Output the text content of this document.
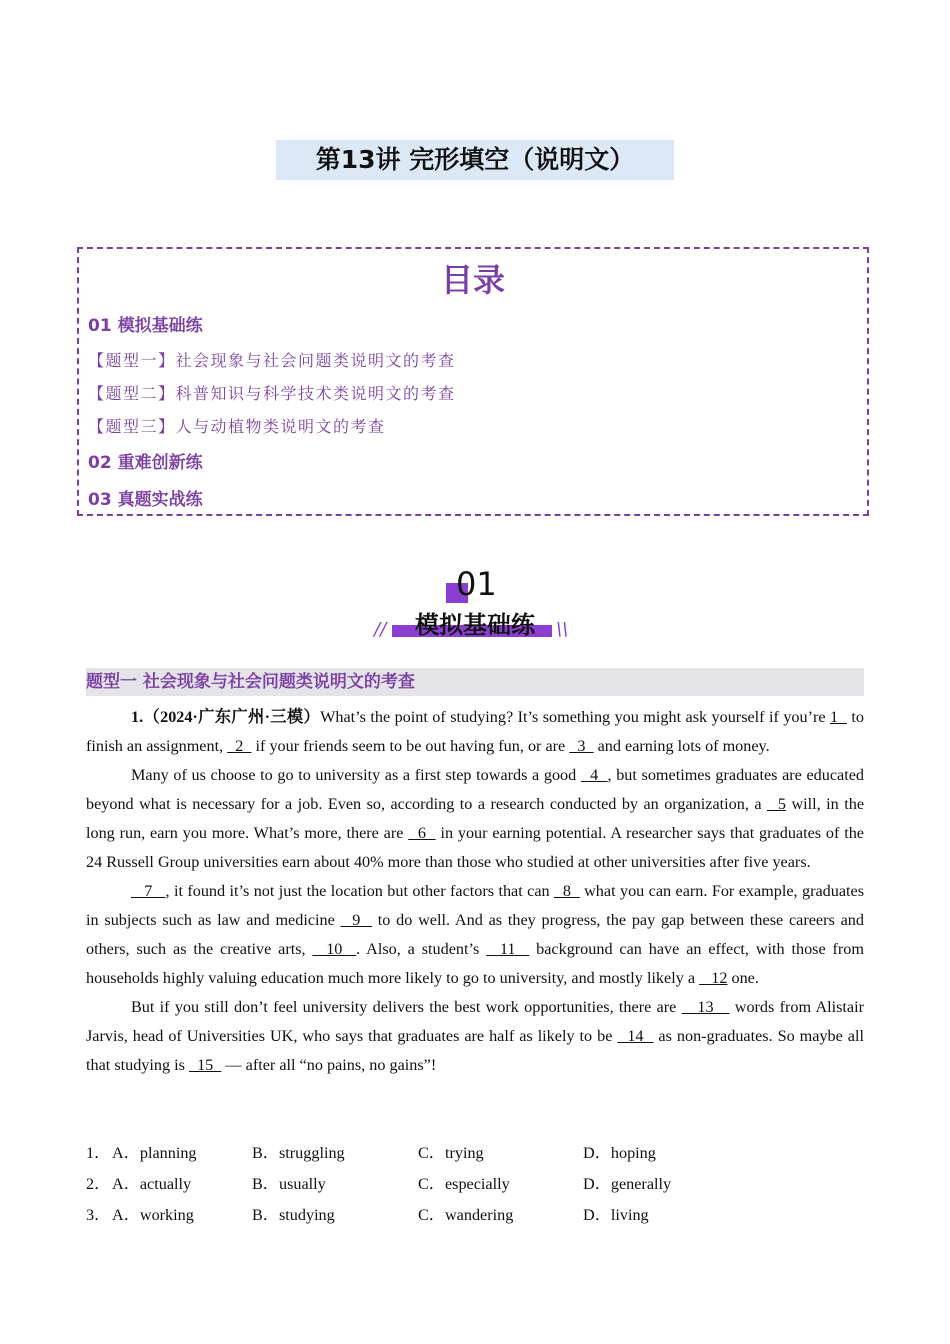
第13讲 完形填空（说明文）
目录
01 模拟基础练
【题型一】社会现象与社会问题类说明文的考查
【题型二】科普知识与科学技术类说明文的考查
【题型三】人与动植物类说明文的考查
02 重难创新练
03 真题实战练
01
//	模拟基础练	\\
题型一 社会现象与社会问题类说明文的考查

1.（2024·广东广州·三模）What’s the point of studying? It’s something you might ask yourself if you’re 1   to finish an assignment,   2   if your friends seem to be out having fun, or are   3   and earning lots of money.

Many of us choose to go to university as a first step towards a good   4  , but sometimes graduates are educated beyond what is necessary for a job. Even so, according to a research conducted by an organization, a   5 will, in the long run, earn you more. What’s more, there are   6   in your earning potential. A researcher says that graduates of the 24 Russell Group universities earn about 40% more than those who studied at other universities after five years.

7   , it found it’s not just the location but other factors that can   8   what you can earn. For example, graduates in subjects such as law and medicine   9   to do well. And as they progress, the pay gap between these careers and others, such as the creative arts,   10  . Also, a student’s   11   background can have an effect, with those from households highly valuing education much more likely to go to university, and mostly likely a    12 one.

But if you still don’t feel university delivers the best work opportunities, there are    13    words from Alistair Jarvis, head of Universities UK, who says that graduates are half as likely to be   14   as non-graduates. So maybe all that studying is   15   — after all “no pains, no gains”!

1． A．planning	B．struggling	C．trying	D．hoping
2． A．actually	B．usually	C．especially	D．generally
3． A．working	B．studying	C．wandering	D．living
